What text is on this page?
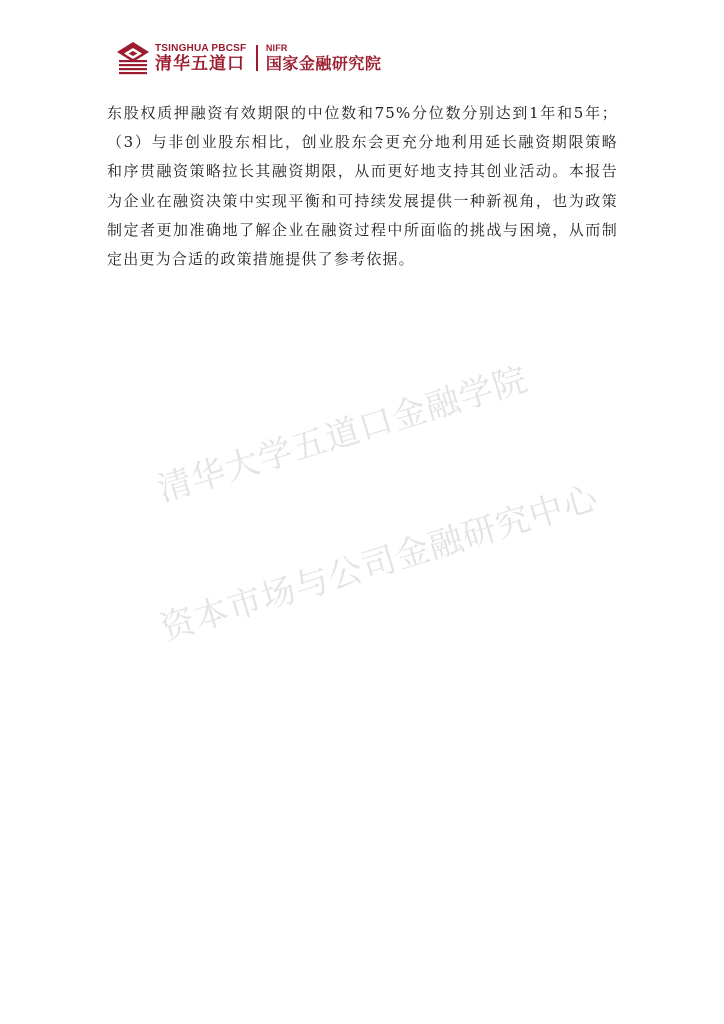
TSINGHUA PBCSF
清华五道口
NIFR
国家金融研究院

东股权质押融资有效期限的中位数和75%分位数分别达到1年和5年；（3）与非创业股东相比，创业股东会更充分地利用延长融资期限策略和序贯融资策略拉长其融资期限，从而更好地支持其创业活动。本报告为企业在融资决策中实现平衡和可持续发展提供一种新视角，也为政策制定者更加准确地了解企业在融资过程中所面临的挑战与困境，从而制定出更为合适的政策措施提供了参考依据。

清华大学五道口金融学院
资本市场与公司金融研究中心
